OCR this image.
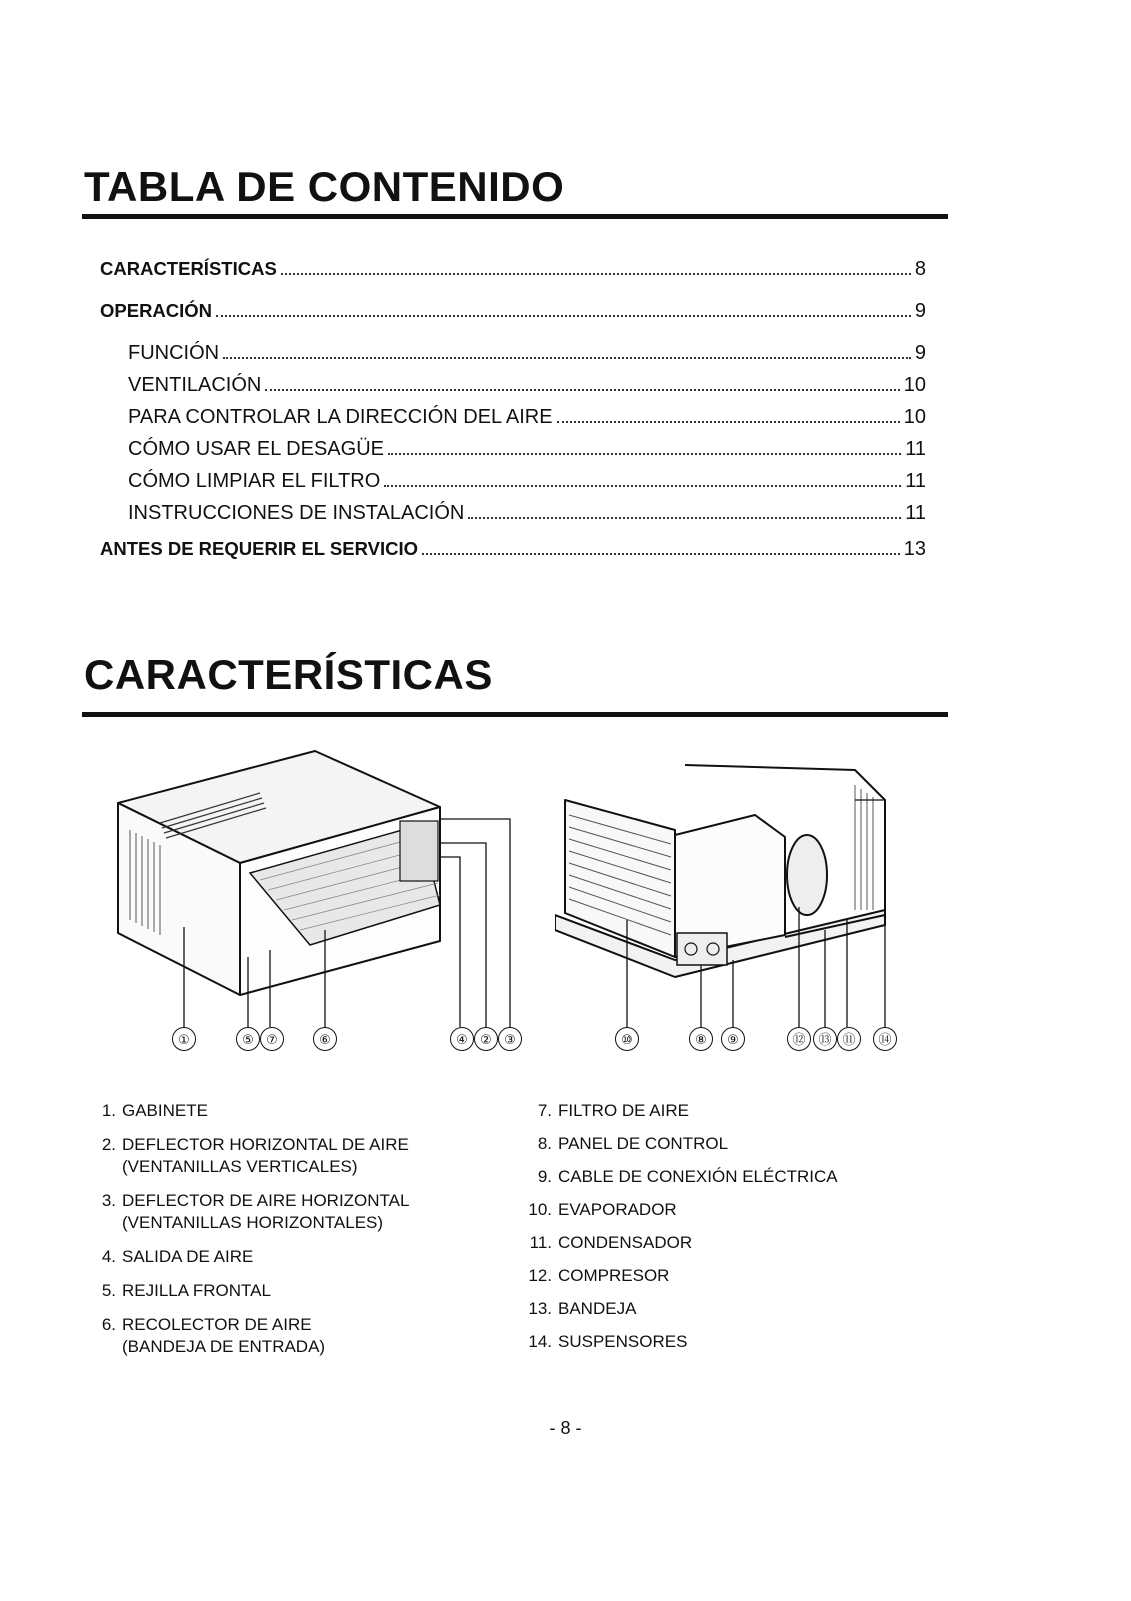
TABLA DE CONTENIDO
CARACTERÍSTICAS	8
OPERACIÓN	9
FUNCIÓN	9
VENTILACIÓN	10
PARA CONTROLAR LA DIRECCIÓN DEL AIRE	10
CÓMO USAR EL DESAGÜE	11
CÓMO LIMPIAR EL FILTRO	11
INSTRUCCIONES DE INSTALACIÓN	11
ANTES DE REQUERIR EL SERVICIO	13
CARACTERÍSTICAS
①	⑤ ⑦	⑥	④ ② ③	⑩	⑧	⑨	⑫ ⑬ ⑪	⑭
1. GABINETE
2. DEFLECTOR HORIZONTAL DE AIRE
(VENTANILLAS VERTICALES)
3. DEFLECTOR DE AIRE HORIZONTAL
(VENTANILLAS HORIZONTALES)
4. SALIDA DE AIRE
5. REJILLA FRONTAL
6. RECOLECTOR DE AIRE
(BANDEJA DE ENTRADA)
7. FILTRO DE AIRE
8. PANEL DE CONTROL
9. CABLE DE CONEXIÓN ELÉCTRICA
10. EVAPORADOR
11. CONDENSADOR
12. COMPRESOR
13. BANDEJA
14. SUSPENSORES
- 8 -
